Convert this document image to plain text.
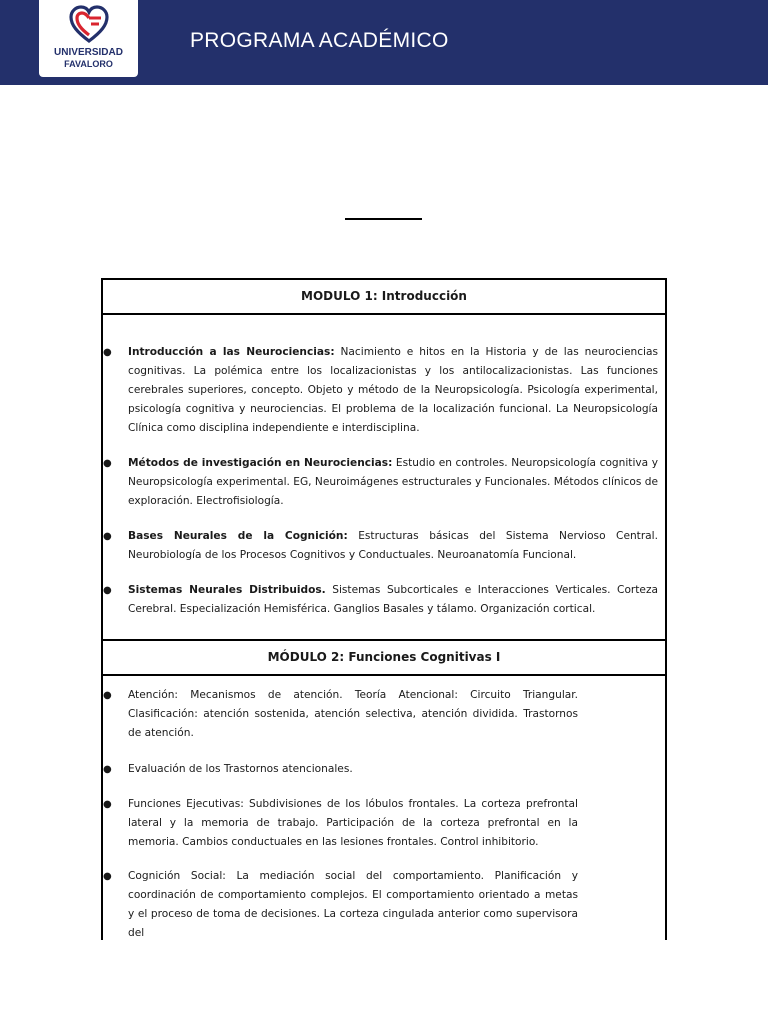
UNIVERSIDAD
FAVALORO
PROGRAMA ACADÉMICO
MODULO 1: Introducción
● Introducción a las Neurociencias: Nacimiento e hitos en la Historia y de las neurociencias cognitivas. La polémica entre los localizacionistas y los antilocalizacionistas. Las funciones cerebrales superiores, concepto. Objeto y método de la Neuropsicología. Psicología experimental, psicología cognitiva y neurociencias. El problema de la localización funcional. La Neuropsicología Clínica como disciplina independiente e interdisciplina.
● Métodos de investigación en Neurociencias: Estudio en controles. Neuropsicología cognitiva y Neuropsicología experimental. EG, Neuroimágenes estructurales y Funcionales. Métodos clínicos de exploración. Electrofisiología.
● Bases Neurales de la Cognición: Estructuras básicas del Sistema Nervioso Central. Neurobiología de los Procesos Cognitivos y Conductuales. Neuroanatomía Funcional.
● Sistemas Neurales Distribuidos. Sistemas Subcorticales e Interacciones Verticales. Corteza Cerebral. Especialización Hemisférica. Ganglios Basales y tálamo. Organización cortical.
MÓDULO 2: Funciones Cognitivas I
● Atención: Mecanismos de atención. Teoría Atencional: Circuito Triangular. Clasificación: atención sostenida, atención selectiva, atención dividida. Trastornos de atención.
● Evaluación de los Trastornos atencionales.
● Funciones Ejecutivas: Subdivisiones de los lóbulos frontales. La corteza prefrontal lateral y la memoria de trabajo. Participación de la corteza prefrontal en la memoria. Cambios conductuales en las lesiones frontales. Control inhibitorio.
● Cognición Social: La mediación social del comportamiento. Planificación y coordinación de comportamiento complejos. El comportamiento orientado a metas y el proceso de toma de decisiones. La corteza cingulada anterior como supervisora del
